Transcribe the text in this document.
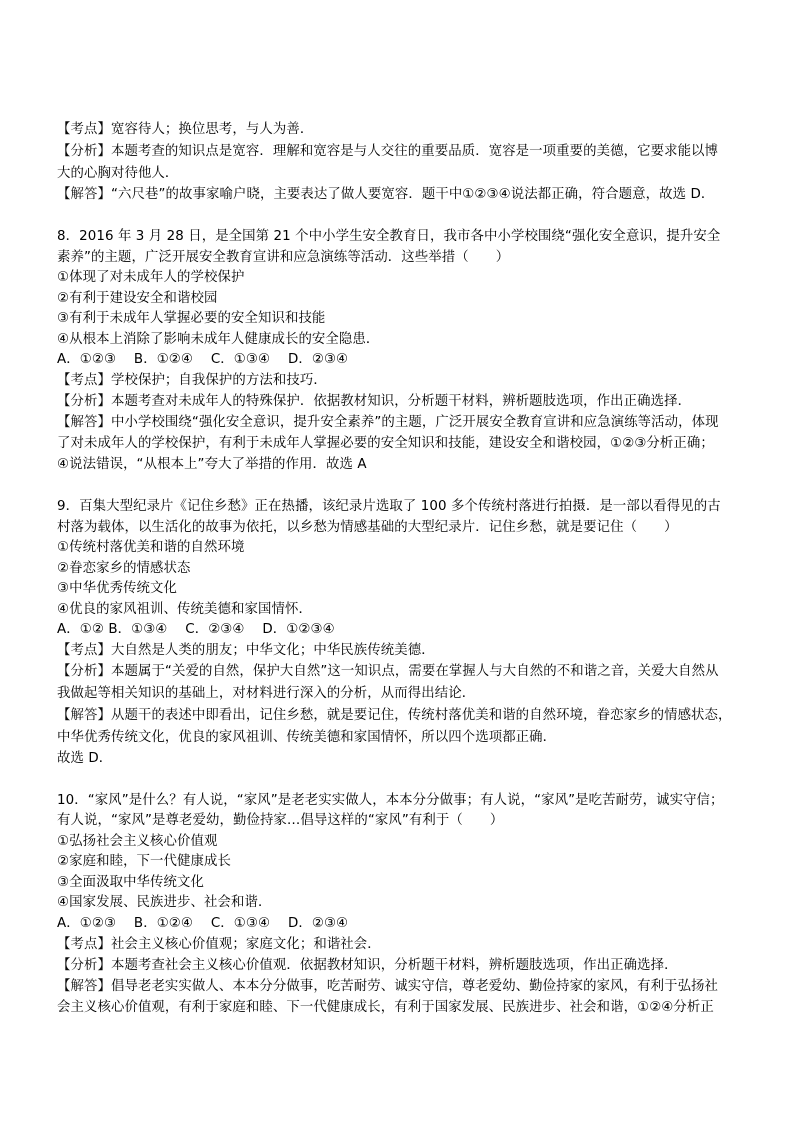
【考点】宽容待人；换位思考，与人为善．
【分析】本题考查的知识点是宽容．理解和宽容是与人交往的重要品质．宽容是一项重要的美德，它要求能以博
大的心胸对待他人．
【解答】“六尺巷”的故事家喻户晓，主要表达了做人要宽容．题干中①②③④说法都正确，符合题意，故选 D．
8．2016 年 3 月 28 日，是全国第 21 个中小学生安全教育日，我市各中小学校围绕“强化安全意识，提升安全
素养”的主题，广泛开展安全教育宣讲和应急演练等活动．这些举措（　　）
①体现了对未成年人的学校保护
②有利于建设安全和谐校园
③有利于未成年人掌握必要的安全知识和技能
④从根本上消除了影响未成年人健康成长的安全隐患．
A．①②③　 B．①②④　 C．①③④　 D．②③④
【考点】学校保护；自我保护的方法和技巧．
【分析】本题考查对未成年人的特殊保护．依据教材知识，分析题干材料，辨析题肢选项，作出正确选择．
【解答】中小学校围绕“强化安全意识，提升安全素养”的主题，广泛开展安全教育宣讲和应急演练等活动，体现
了对未成年人的学校保护，有利于未成年人掌握必要的安全知识和技能，建设安全和谐校园，①②③分析正确；
④说法错误，“从根本上”夸大了举措的作用．故选 A
9．百集大型纪录片《记住乡愁》正在热播，该纪录片选取了 100 多个传统村落进行拍摄．是一部以看得见的古
村落为载体，以生活化的故事为依托，以乡愁为情感基础的大型纪录片．记住乡愁，就是要记住（　　）
①传统村落优美和谐的自然环境
②眷恋家乡的情感状态
③中华优秀传统文化
④优良的家风祖训、传统美德和家国情怀．
A．①② B．①③④　 C．②③④　 D．①②③④
【考点】大自然是人类的朋友；中华文化；中华民族传统美德．
【分析】本题属于“关爱的自然，保护大自然”这一知识点，需要在掌握人与大自然的不和谐之音，关爱大自然从
我做起等相关知识的基础上，对材料进行深入的分析，从而得出结论．
【解答】从题干的表述中即看出，记住乡愁，就是要记住，传统村落优美和谐的自然环境，眷恋家乡的情感状态，
中华优秀传统文化，优良的家风祖训、传统美德和家国情怀，所以四个选项都正确．
故选 D．
10．“家风”是什么？有人说，“家风”是老老实实做人，本本分分做事；有人说，“家风”是吃苦耐劳，诚实守信；
有人说，“家风”是尊老爱幼，勤俭持家…倡导这样的“家风”有利于（　　）
①弘扬社会主义核心价值观
②家庭和睦，下一代健康成长
③全面汲取中华传统文化
④国家发展、民族进步、社会和谐．
A．①②③　 B．①②④　 C．①③④　 D．②③④
【考点】社会主义核心价值观；家庭文化；和谐社会．
【分析】本题考查社会主义核心价值观．依据教材知识，分析题干材料，辨析题肢选项，作出正确选择．
【解答】倡导老老实实做人、本本分分做事，吃苦耐劳、诚实守信，尊老爱幼、勤俭持家的家风，有利于弘扬社
会主义核心价值观，有利于家庭和睦、下一代健康成长，有利于国家发展、民族进步、社会和谐，①②④分析正
